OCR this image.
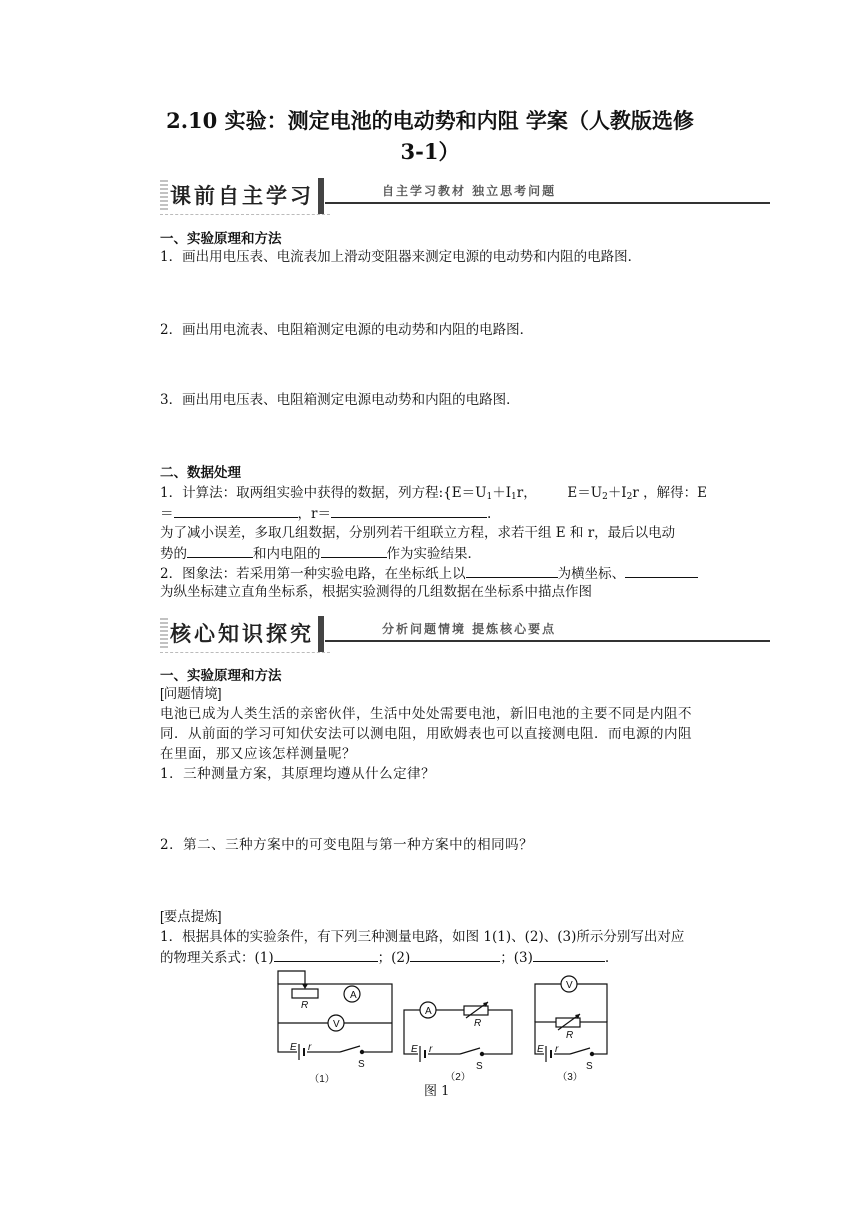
2.10 实验：测定电池的电动势和内阻 学案（人教版选修
3-1）
课前自主学习	自主学习教材 独立思考问题
一、实验原理和方法
1．画出用电压表、电流表加上滑动变阻器来测定电源的电动势和内阻的电路图．
2．画出用电流表、电阻箱测定电源的电动势和内阻的电路图．
3．画出用电压表、电阻箱测定电源电动势和内阻的电路图．
二、数据处理
1．计算法：取两组实验中获得的数据，列方程$:\{E=U_1+I_1r$， $E=U_2+I_2r$ ，解得：E
＝	，r＝	.
为了减小误差，多取几组数据，分别列若干组联立方程，求若干组 E 和 r，最后以电动
势的	和内电阻的	作为实验结果．
2．图象法：若采用第一种实验电路，在坐标纸上以	为横坐标、
为纵坐标建立直角坐标系，根据实验测得的几组数据在坐标系中描点作图
核心知识探究	分析问题情境 提炼核心要点
一、实验原理和方法
[问题情境]
电池已成为人类生活的亲密伙伴，生活中处处需要电池，新旧电池的主要不同是内阻不
同．从前面的学习可知伏安法可以测电阻，用欧姆表也可以直接测电阻．而电源的内阻
在里面，那又应该怎样测量呢？
1．三种测量方案，其原理均遵从什么定律？
2．第二、三种方案中的可变电阻与第一种方案中的相同吗？
[要点提炼]
1．根据具体的实验条件，有下列三种测量电路，如图 1(1)、(2)、(3)所示分别写出对应
的物理关系式：(1)	；(2)	；(3)	.
A
R
V
E r
S
A
R
E r
S
V
R
E r
S
（1）	（2）	（3）
图 1
